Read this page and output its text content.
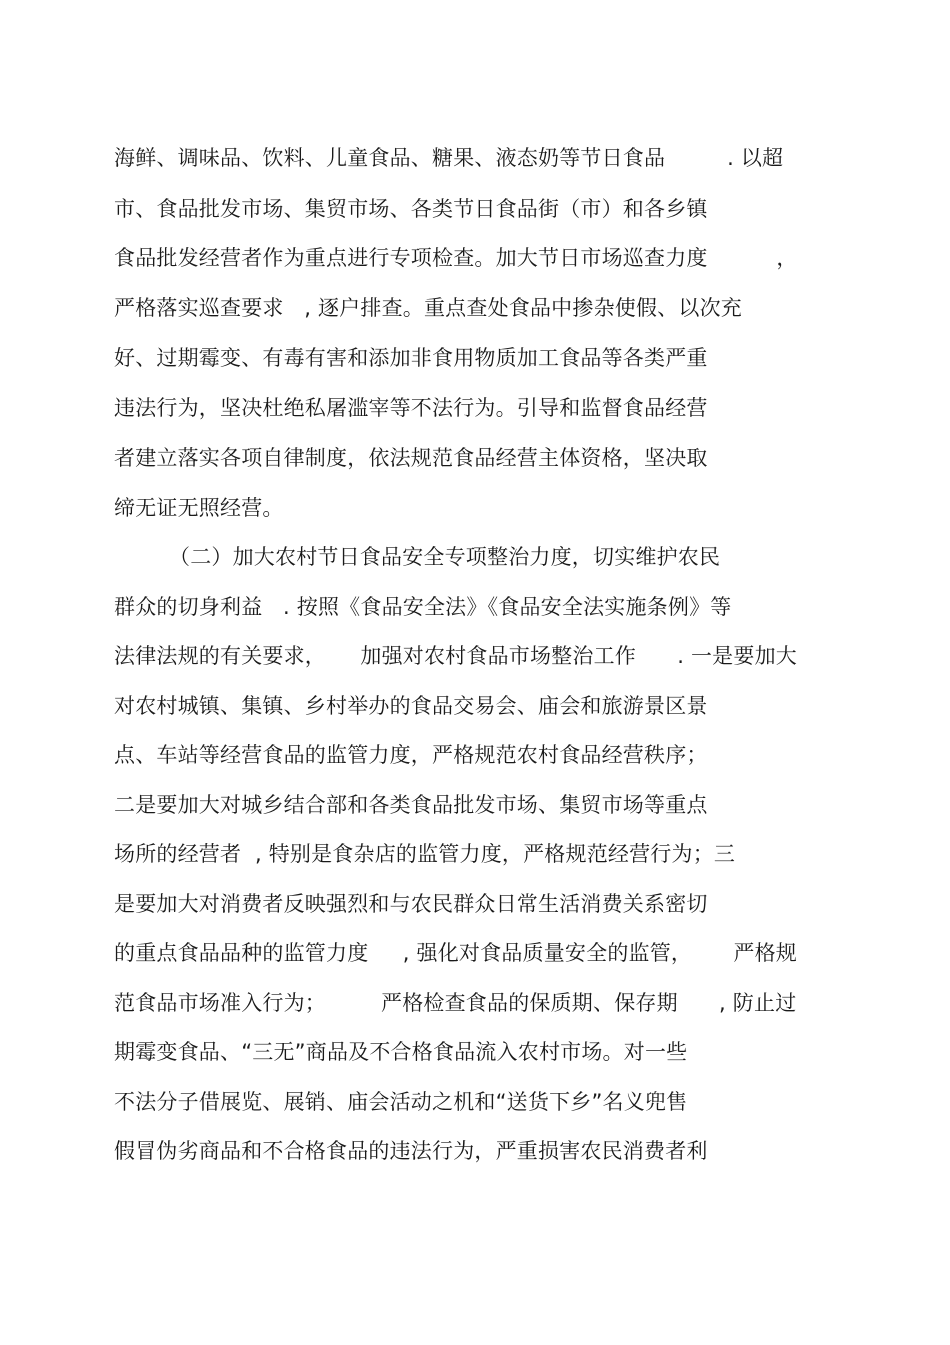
海鲜、调味品、饮料、儿童食品、糖果、液态奶等节日食品         . 以超
市、食品批发市场、集贸市场、各类节日食品街（市）和各乡镇
食品批发经营者作为重点进行专项检查。加大节日市场巡查力度          ，
严格落实巡查要求   , 逐户排查。重点查处食品中掺杂使假、以次充
好、过期霉变、有毒有害和添加非食用物质加工食品等各类严重
违法行为，坚决杜绝私屠滥宰等不法行为。引导和监督食品经营
者建立落实各项自律制度，依法规范食品经营主体资格，坚决取
缔无证无照经营。
（二）加大农村节日食品安全专项整治力度，切实维护农民
群众的切身利益   . 按照《食品安全法》《食品安全法实施条例》等
法律法规的有关要求，     加强对农村食品市场整治工作      . 一是要加大
对农村城镇、集镇、乡村举办的食品交易会、庙会和旅游景区景
点、车站等经营食品的监管力度，严格规范农村食品经营秩序；
二是要加大对城乡结合部和各类食品批发市场、集贸市场等重点
场所的经营者  , 特别是食杂店的监管力度，严格规范经营行为；三
是要加大对消费者反映强烈和与农民群众日常生活消费关系密切
的重点食品品种的监管力度     , 强化对食品质量安全的监管，      严格规
范食品市场准入行为；        严格检查食品的保质期、保存期      , 防止过
期霉变食品、“三无”商品及不合格食品流入农村市场。对一些
不法分子借展览、展销、庙会活动之机和“送货下乡”名义兜售
假冒伪劣商品和不合格食品的违法行为，严重损害农民消费者利
